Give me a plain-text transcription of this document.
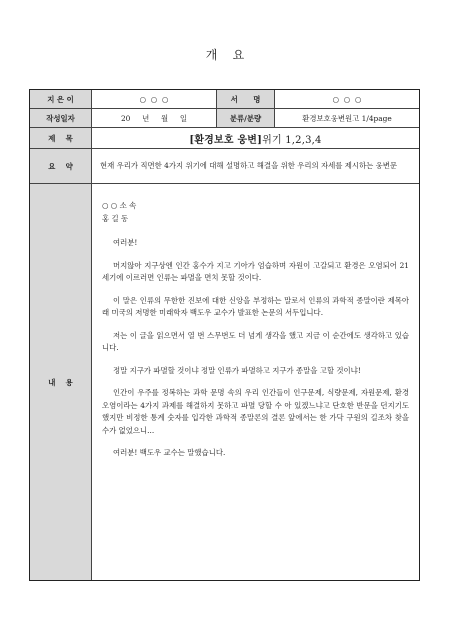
개    요
지 은 이	○  ○  ○	서      명	○  ○  ○
작성일자	20     년     월     일	분류/분량	환경보호웅변원고 1/4page
제    목	[환경보호 웅변] 위기 1,2,3,4
요    약	현재 우리가 직면한 4가지 위기에 대해 설명하고 해결을 위한 우리의 자세를 제시하는 웅변문
내    용

○ ○ 소 속

홍 길 동

여러분!

머지않아 지구상엔 인간 홍수가 지고 기아가 엄습하며 자원이 고갈되고 환경은 오염되어 21세기에 이르러면 인류는 파멸을 면치 못할 것이다.

이 말은 인류의 무한한 진보에 대한 신앙을 부정하는 말로서 인류의 과학적 종말이란 제목아래 미국의 저명한 미래학자 백도우 교수가 발표한 논문의 서두입니다.

저는 이 글을 읽으면서 열 번 스무번도 더 넘게 생각을 했고 지금 이 순간에도 생각하고 있습니다.

정말 지구가 파멸할 것이냐 정말 인류가 파멸하고 지구가 종말을 고할 것이냐!

인간이 우주를 정복하는 과학 문명 속의 우리 인간들이 인구문제, 식량문제, 자원문제, 환경오염이라는 4가지 과제를 해결하지 못하고 파멸 당할 수 아 있겠느냐고 단호한 반문을 던지기도 했지만 비정한 통계 숫자를 입각한 과학적 종말론의 결론 앞에서는 한 가닥 구원의 길조차 찾을 수가 없었으니...

여러분! 백도우 교수는 말했습니다.
